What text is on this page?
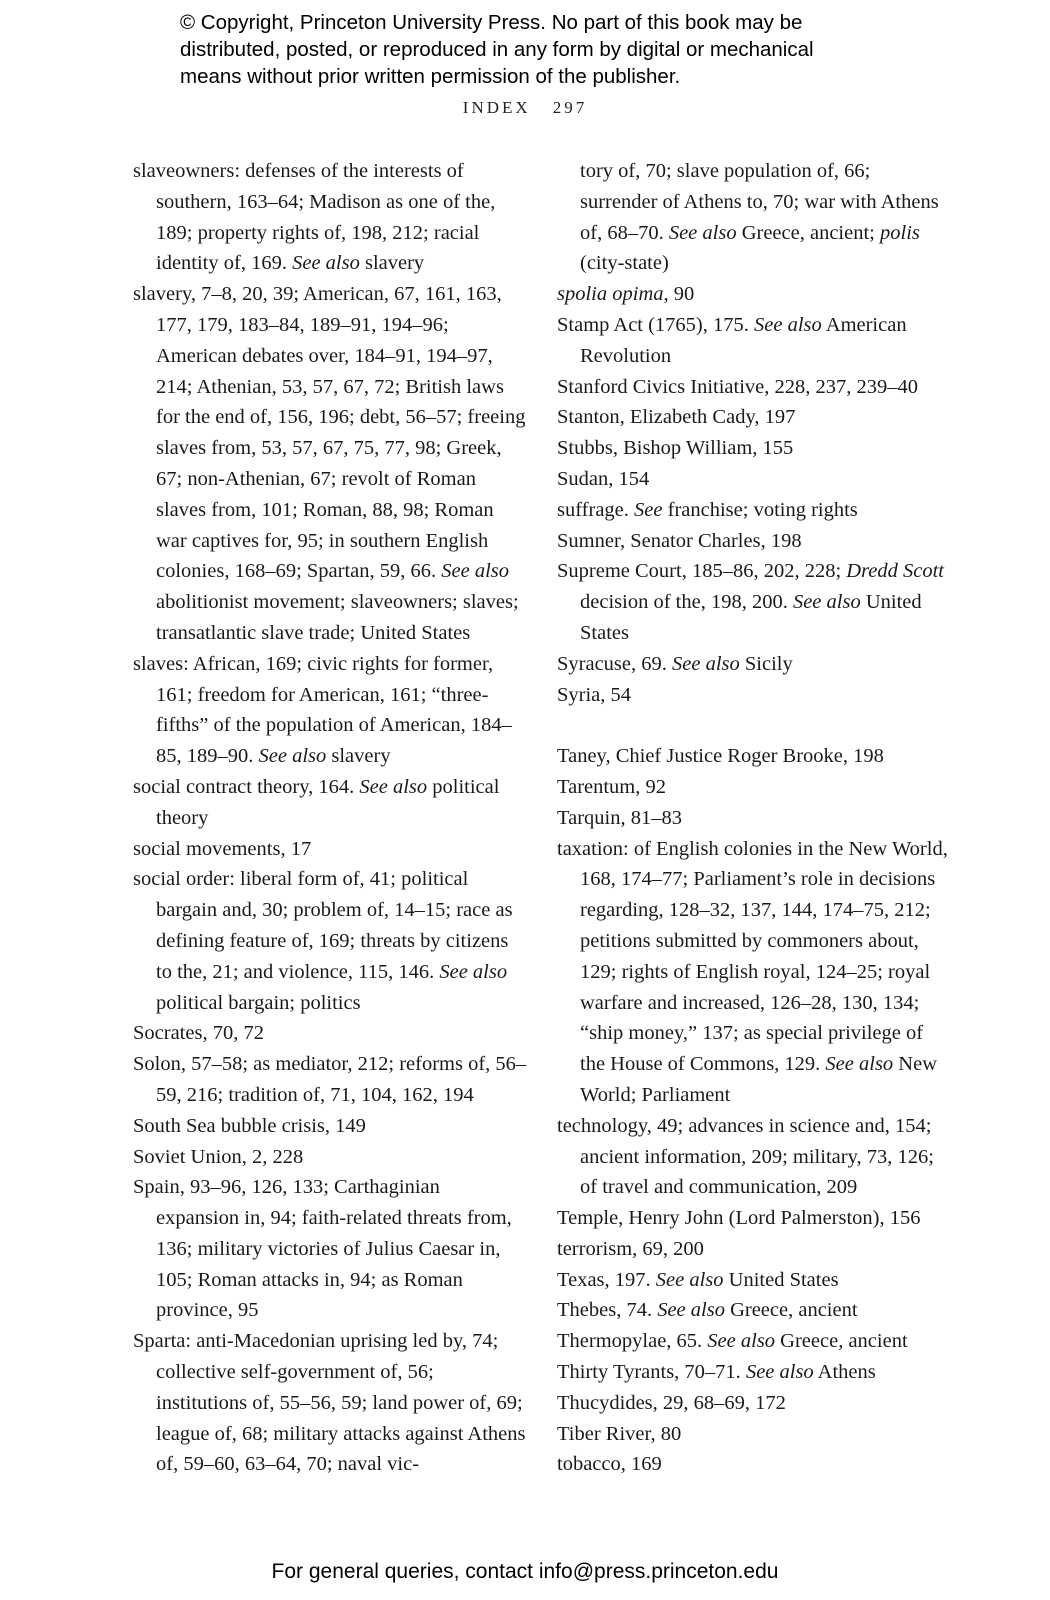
© Copyright, Princeton University Press. No part of this book may be
distributed, posted, or reproduced in any form by digital or mechanical
means without prior written permission of the publisher.
INDEX 297

slaveowners: defenses of the interests of southern, 163–64; Madison as one of the, 189; property rights of, 198, 212; racial identity of, 169. See also slavery

slavery, 7–8, 20, 39; American, 67, 161, 163, 177, 179, 183–84, 189–91, 194–96; American debates over, 184–91, 194–97, 214; Athenian, 53, 57, 67, 72; British laws for the end of, 156, 196; debt, 56–57; freeing slaves from, 53, 57, 67, 75, 77, 98; Greek, 67; non-Athenian, 67; revolt of Roman slaves from, 101; Roman, 88, 98; Roman war captives for, 95; in southern English colonies, 168–69; Spartan, 59, 66. See also abolitionist movement; slaveowners; slaves; transatlantic slave trade; United States

slaves: African, 169; civic rights for former, 161; freedom for American, 161; “three-fifths” of the population of American, 184–85, 189–90. See also slavery

social contract theory, 164. See also political theory

social movements, 17

social order: liberal form of, 41; political bargain and, 30; problem of, 14–15; race as defining feature of, 169; threats by citizens to the, 21; and violence, 115, 146. See also political bargain; politics

Socrates, 70, 72

Solon, 57–58; as mediator, 212; reforms of, 56–59, 216; tradition of, 71, 104, 162, 194

South Sea bubble crisis, 149

Soviet Union, 2, 228

Spain, 93–96, 126, 133; Carthaginian expansion in, 94; faith-related threats from, 136; military victories of Julius Caesar in, 105; Roman attacks in, 94; as Roman province, 95

Sparta: anti-Macedonian uprising led by, 74; collective self-government of, 56; institutions of, 55–56, 59; land power of, 69; league of, 68; military attacks against Athens of, 59–60, 63–64, 70; naval vic-

tory of, 70; slave population of, 66; surrender of Athens to, 70; war with Athens of, 68–70. See also Greece, ancient; polis (city-state)

spolia opima, 90

Stamp Act (1765), 175. See also American Revolution

Stanford Civics Initiative, 228, 237, 239–40

Stanton, Elizabeth Cady, 197

Stubbs, Bishop William, 155

Sudan, 154

suffrage. See franchise; voting rights

Sumner, Senator Charles, 198

Supreme Court, 185–86, 202, 228; Dredd Scott decision of the, 198, 200. See also United States

Syracuse, 69. See also Sicily

Syria, 54

Taney, Chief Justice Roger Brooke, 198

Tarentum, 92

Tarquin, 81–83

taxation: of English colonies in the New World, 168, 174–77; Parliament’s role in decisions regarding, 128–32, 137, 144, 174–75, 212; petitions submitted by commoners about, 129; rights of English royal, 124–25; royal warfare and increased, 126–28, 130, 134; “ship money,” 137; as special privilege of the House of Commons, 129. See also New World; Parliament

technology, 49; advances in science and, 154; ancient information, 209; military, 73, 126; of travel and communication, 209

Temple, Henry John (Lord Palmerston), 156

terrorism, 69, 200

Texas, 197. See also United States

Thebes, 74. See also Greece, ancient

Thermopylae, 65. See also Greece, ancient

Thirty Tyrants, 70–71. See also Athens

Thucydides, 29, 68–69, 172

Tiber River, 80

tobacco, 169

For general queries, contact info@press.princeton.edu
